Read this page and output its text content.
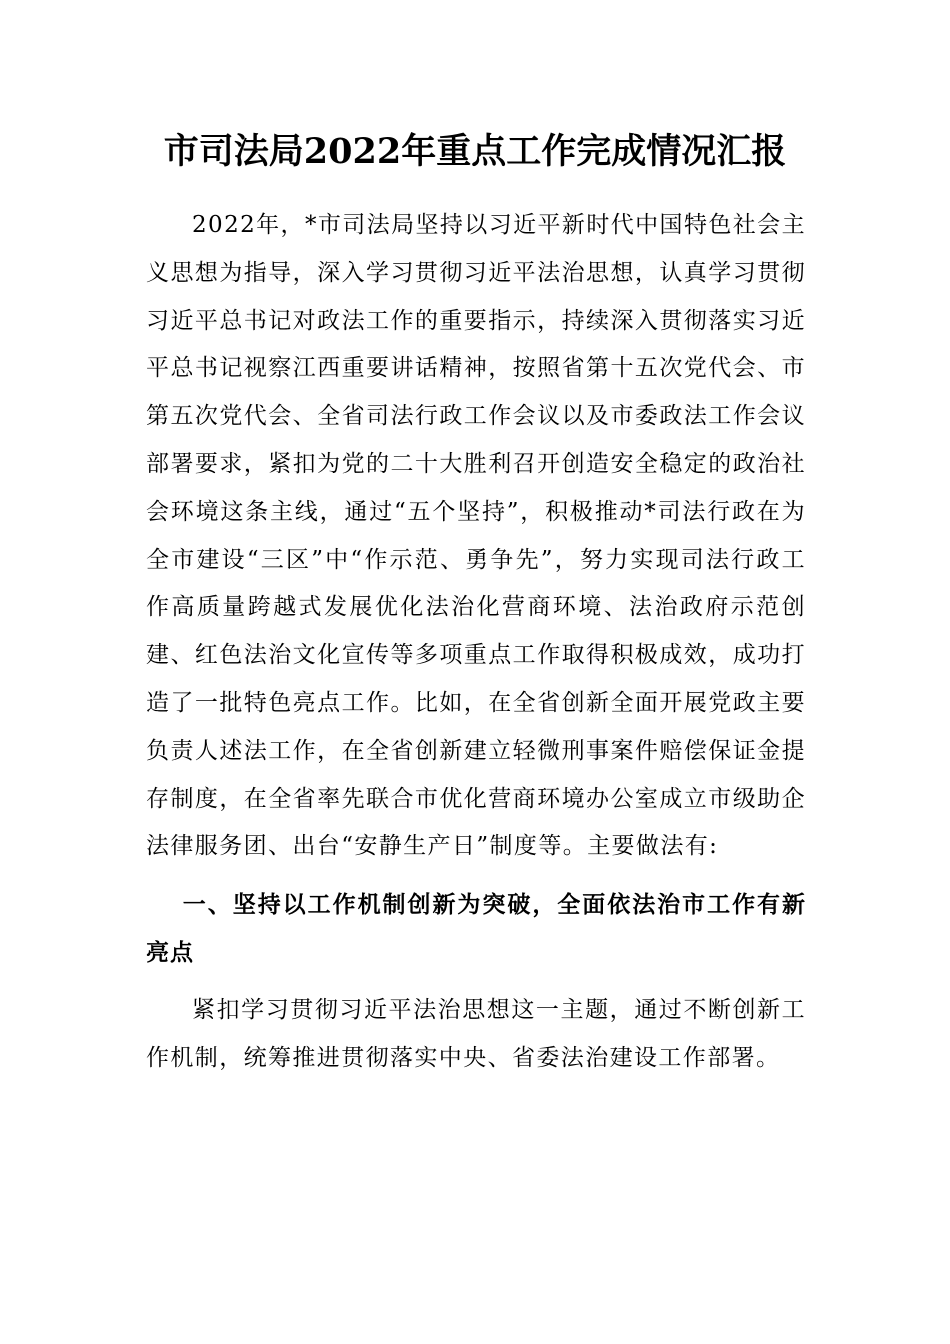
市司法局2022年重点工作完成情况汇报

2022年，*市司法局坚持以习近平新时代中国特色社会主义思想为指导，深入学习贯彻习近平法治思想，认真学习贯彻习近平总书记对政法工作的重要指示，持续深入贯彻落实习近平总书记视察江西重要讲话精神，按照省第十五次党代会、市第五次党代会、全省司法行政工作会议以及市委政法工作会议部署要求，紧扣为党的二十大胜利召开创造安全稳定的政治社会环境这条主线，通过“五个坚持”，积极推动*司法行政在为全市建设“三区”中“作示范、勇争先”，努力实现司法行政工作高质量跨越式发展优化法治化营商环境、法治政府示范创建、红色法治文化宣传等多项重点工作取得积极成效，成功打造了一批特色亮点工作。比如，在全省创新全面开展党政主要负责人述法工作，在全省创新建立轻微刑事案件赔偿保证金提存制度，在全省率先联合市优化营商环境办公室成立市级助企法律服务团、出台“安静生产日”制度等。主要做法有:

一、坚持以工作机制创新为突破，全面依法治市工作有新亮点

紧扣学习贯彻习近平法治思想这一主题，通过不断创新工作机制，统筹推进贯彻落实中央、省委法治建设工作部署。
